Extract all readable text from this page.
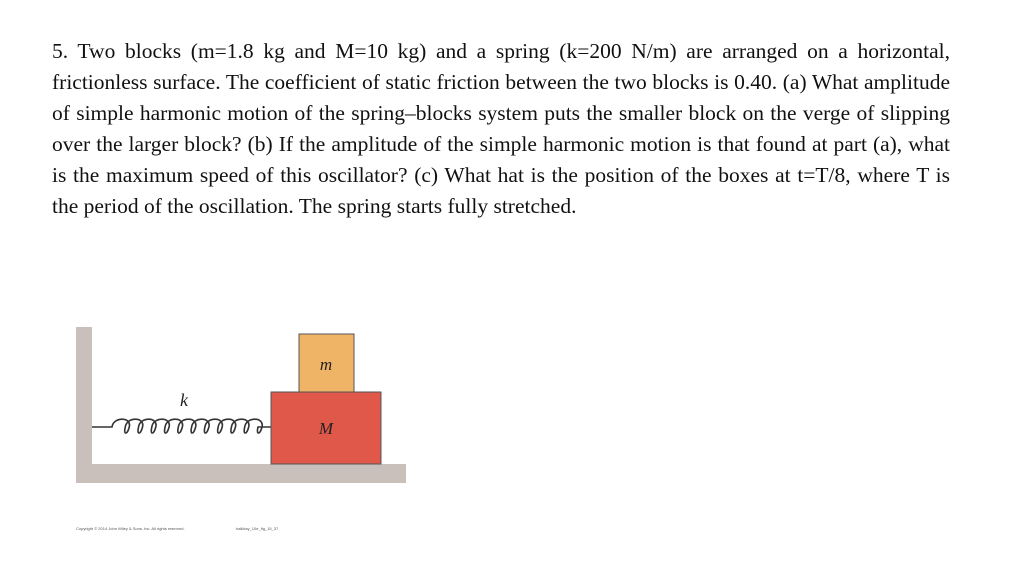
5. Two blocks (m=1.8 kg and M=10 kg) and a spring (k=200 N/m) are arranged on a horizontal, frictionless surface. The coefficient of static friction between the two blocks is 0.40. (a) What amplitude of simple harmonic motion of the spring–blocks system puts the smaller block on the verge of slipping over the larger block? (b) If the amplitude of the simple harmonic motion is that found at part (a), what is the maximum speed of this oscillator? (c) What hat is the position of the boxes at t=T/8, where T is the period of the oscillation. The spring starts fully stretched.
k
m
M
Copyright © 2014 John Wiley & Sons, Inc. All rights reserved.	halliday_10e_fig_15_37
